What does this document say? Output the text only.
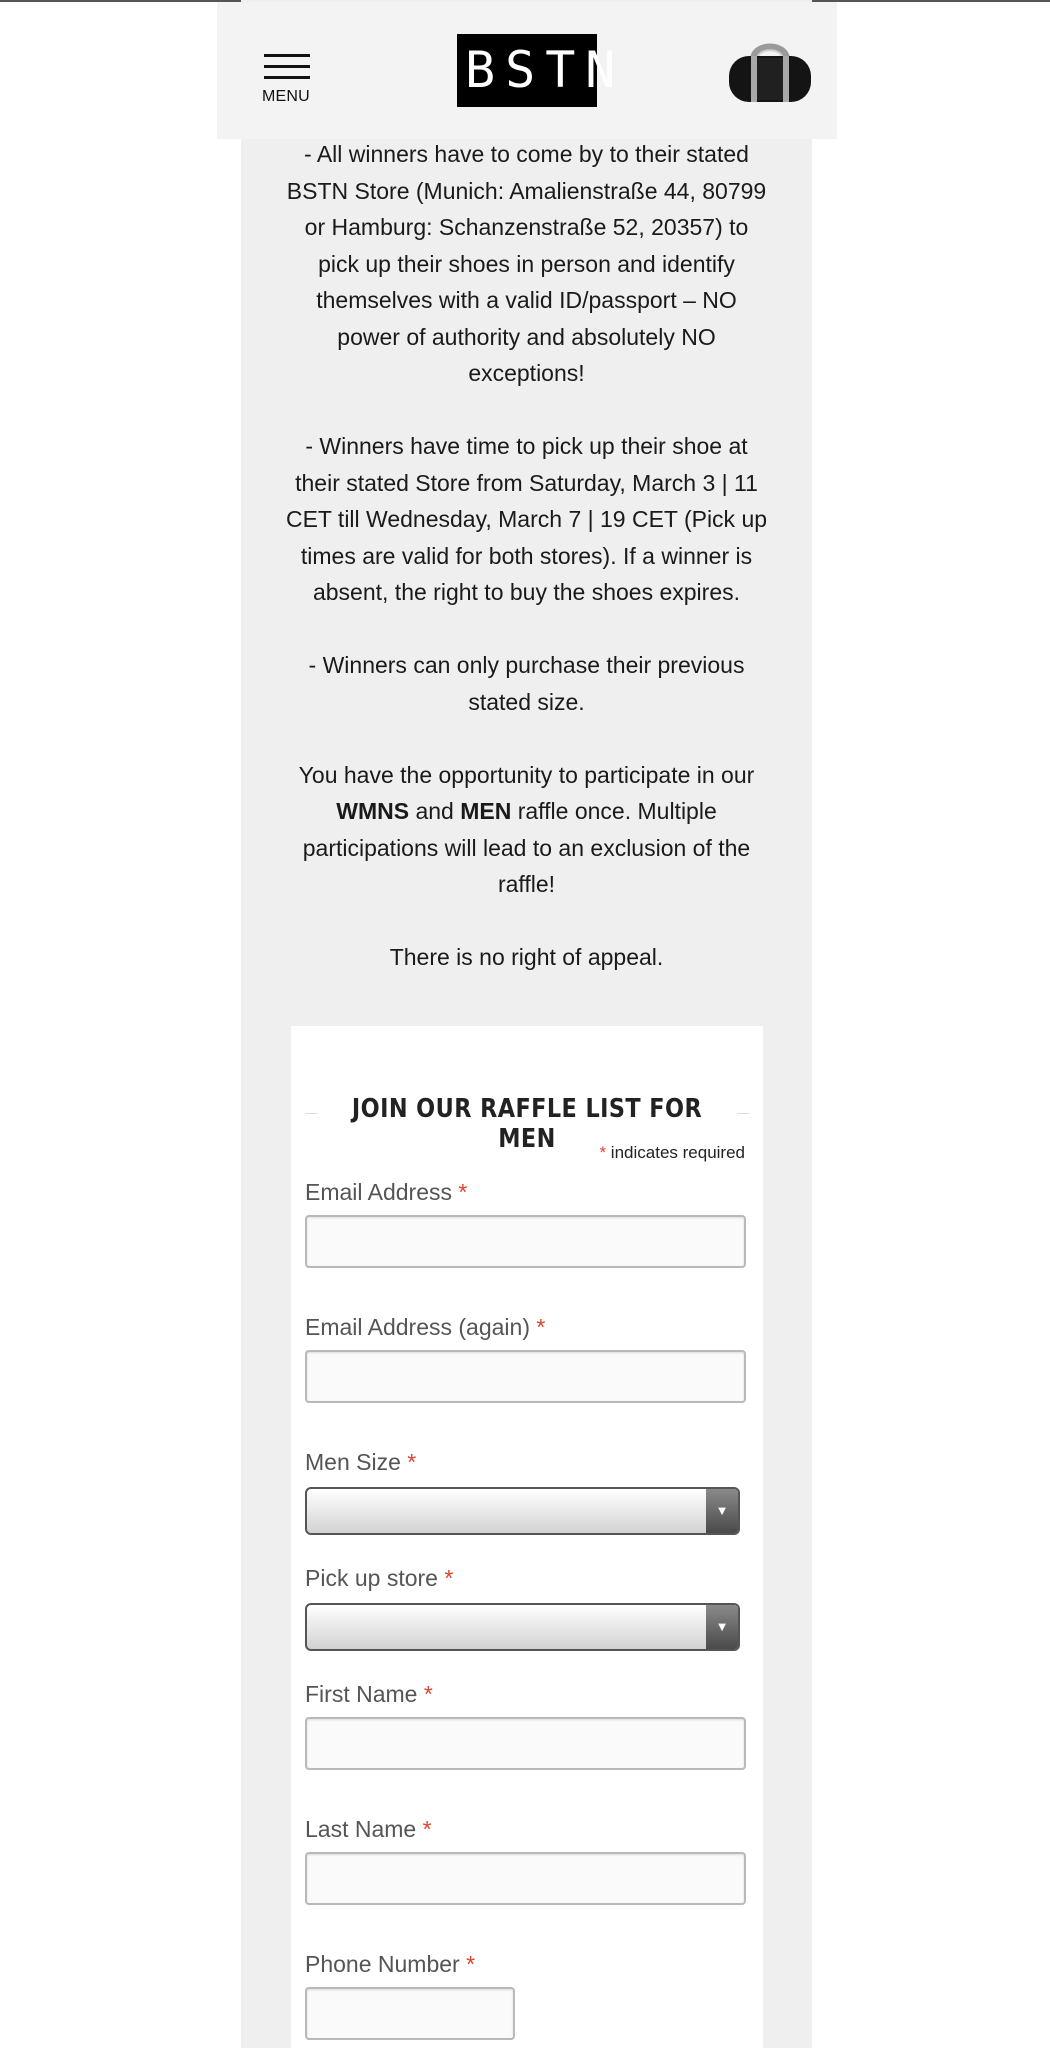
- All winners have to come by to their stated BSTN Store (Munich: Amalienstraße 44, 80799 or Hamburg: Schanzenstraße 52, 20357) to pick up their shoes in person and identify themselves with a valid ID/passport – NO power of authority and absolutely NO exceptions!

- Winners have time to pick up their shoe at their stated Store from Saturday, March 3 | 11 CET till Wednesday, March 7 | 19 CET (Pick up times are valid for both stores). If a winner is absent, the right to buy the shoes expires.

- Winners can only purchase their previous stated size.

You have the opportunity to participate in our WMNS and MEN raffle once. Multiple participations will lead to an exclusion of the raffle!

There is no right of appeal.

MENU	BSTN
JOIN OUR RAFFLE LIST FOR MEN	* indicates required
Email Address *
Email Address (again) *
Men Size *
▼
Pick up store *
▼
First Name *
Last Name *
Phone Number *
